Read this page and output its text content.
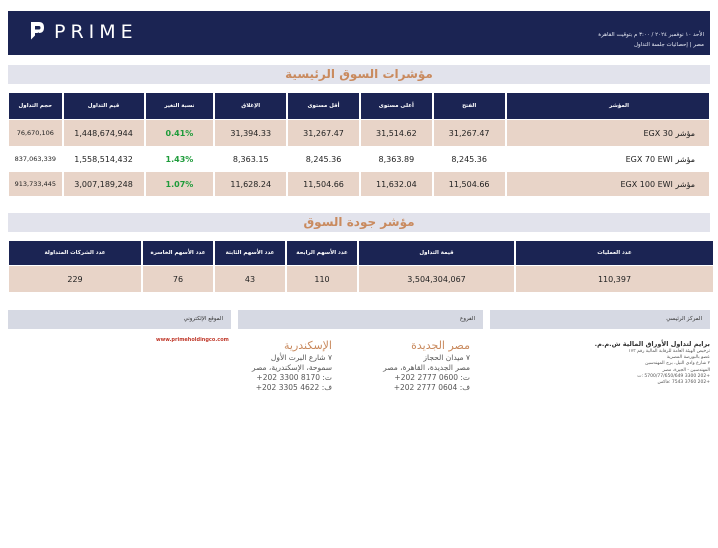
PRIME	الأحد ١٠ نوفمبر ٢٠٢٤ / ٣:٠٠ م بتوقيت القاهرة
مصر | إحصائيات جلسة التداول
مؤشرات السوق الرئيسية
حجم التداول	قيم التداول	نسبة التغير	الإغلاق	أقل مستوى	أعلى مستوى	الفتح	المؤشر
76,670,106	1,448,674,944	0.41%	31,394.33	31,267.47	31,514.62	31,267.47	مؤشر EGX 30
837,063,339	1,558,514,432	1.43%	8,363.15	8,245.36	8,363.89	8,245.36	مؤشر EGX 70 EWI
913,733,445	3,007,189,248	1.07%	11,628.24	11,504.66	11,632.04	11,504.66	مؤشر EGX 100 EWI
مؤشر جودة السوق
عدد الشركات المتداولة	عدد الأسهم الخاسرة	عدد الأسهم الثابتة	عدد الأسهم الرابحة	قيمة التداول	عدد العمليات
229	76	43	110	3,504,304,067	110,397
الموقع الإلكتروني	الفروع	المركز الرئيسي
www.primeholdingco.com	الإسكندرية
٧ شارع البرت الأول
سموحة، الإسكندرية، مصر
ت: 8170 3300 202+
ف: 4622 3305 202+
مصر الجديدة
٧ ميدان الحجاز
مصر الجديدة، القاهرة، مصر
ت: 0600 2777 202+
ف: 0604 2777 202+
برايم لتداول الأوراق المالية ش.م.م.
ترخيص الهيئة العامة للرقابة المالية رقم ١٧٣
عضو بالبورصة المصرية
٢ شارع وادي النيل، برج المهندسين
المهندسين - الجيزة، مصر
+202 3300 5700/77/650/649 :ت
+202 3760 7543 :فاكس
